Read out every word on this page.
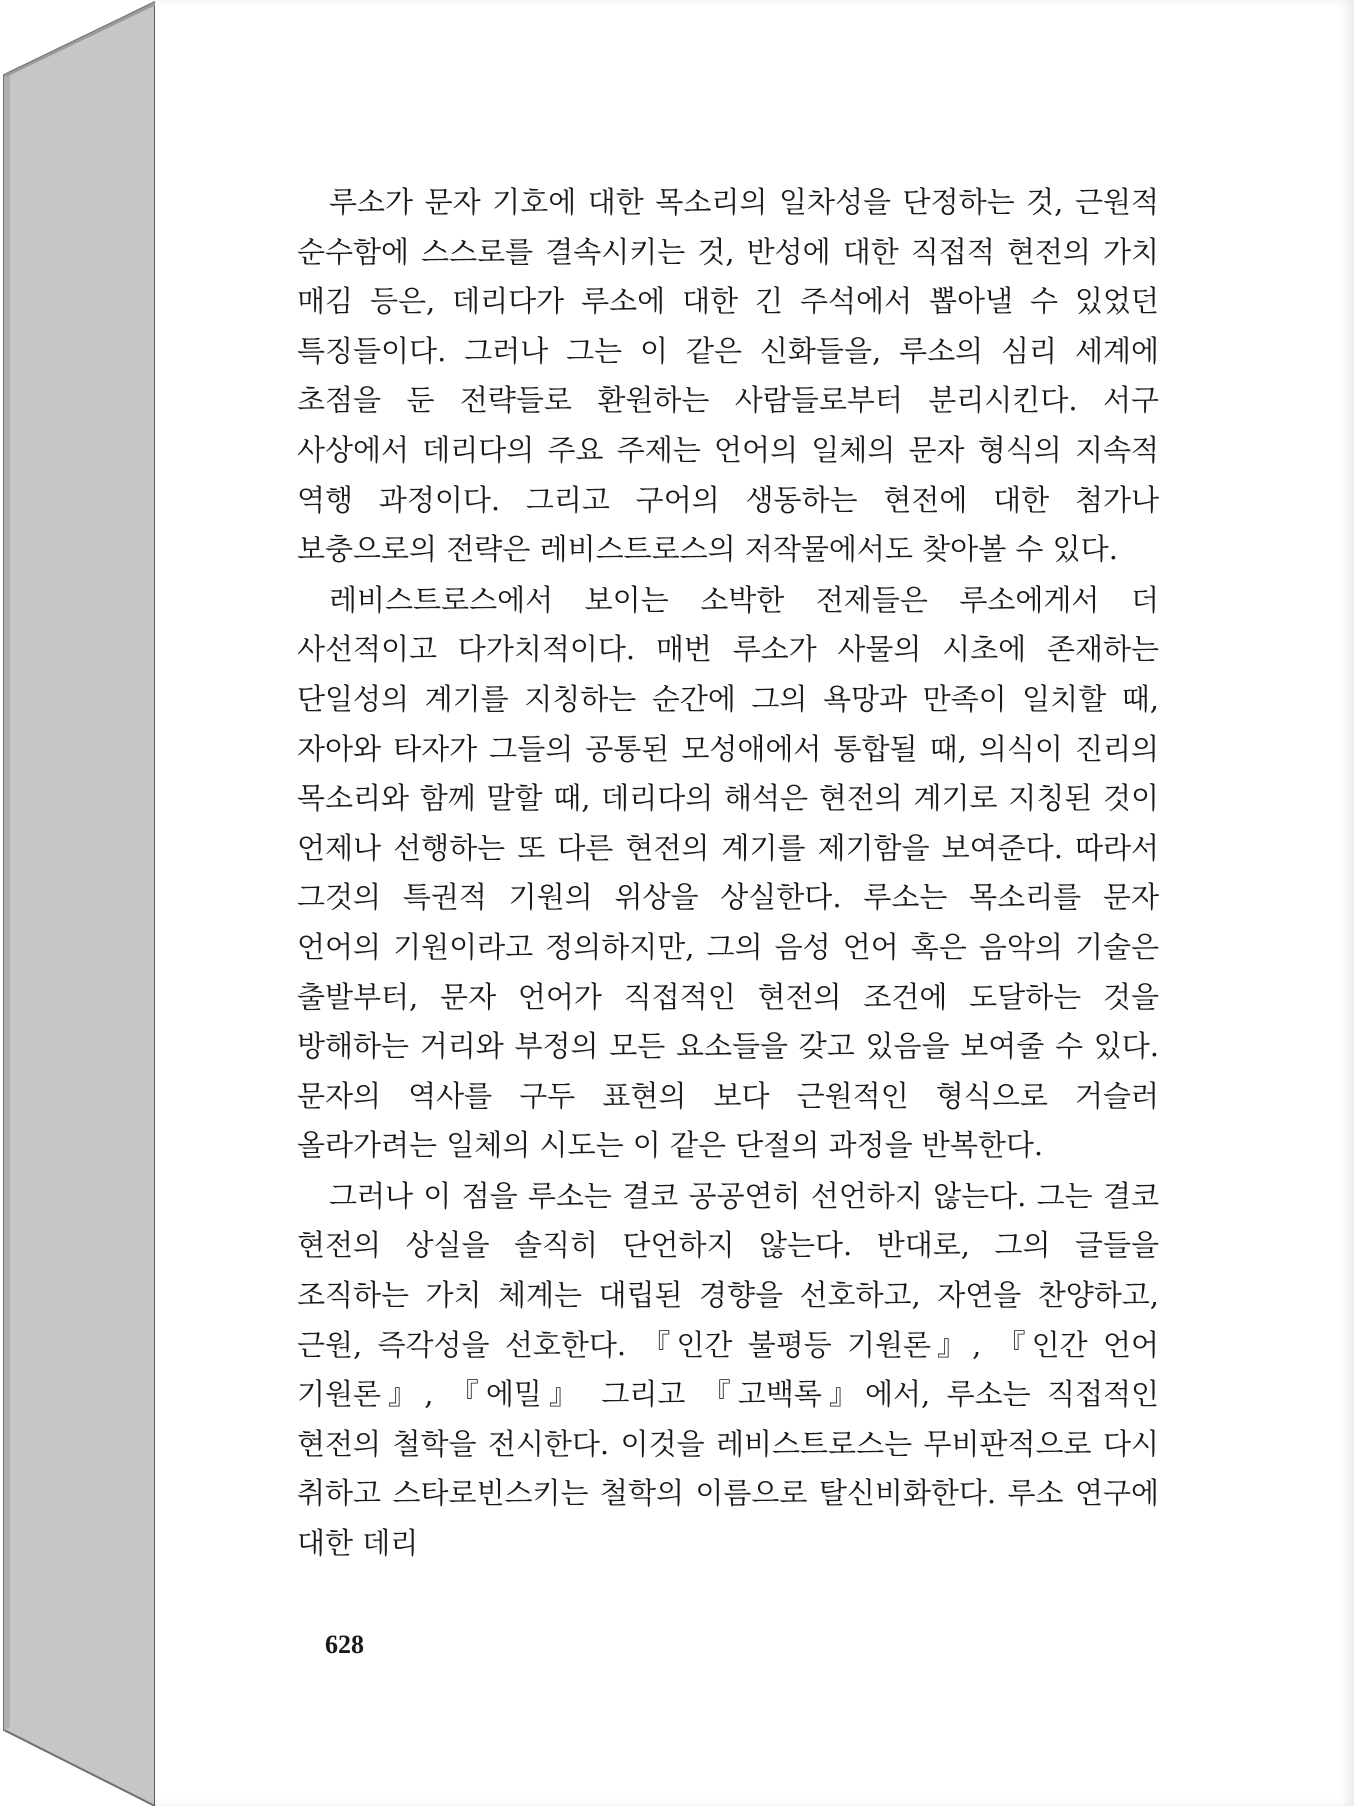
루소가 문자 기호에 대한 목소리의 일차성을 단정하는 것, 근원적 순수함에 스스로를 결속시키는 것, 반성에 대한 직접적 현전의 가치 매김 등은, 데리다가 루소에 대한 긴 주석에서 뽑아낼 수 있었던 특징들이다. 그러나 그는 이 같은 신화들을, 루소의 심리 세계에 초점을 둔 전략들로 환원하는 사람들로부터 분리시킨다. 서구 사상에서 데리다의 주요 주제는 언어의 일체의 문자 형식의 지속적 역행 과정이다. 그리고 구어의 생동하는 현전에 대한 첨가나 보충으로의 전략은 레비스트로스의 저작물에서도 찾아볼 수 있다.

레비스트로스에서 보이는 소박한 전제들은 루소에게서 더 사선적이고 다가치적이다. 매번 루소가 사물의 시초에 존재하는 단일성의 계기를 지칭하는 순간에 그의 욕망과 만족이 일치할 때, 자아와 타자가 그들의 공통된 모성애에서 통합될 때, 의식이 진리의 목소리와 함께 말할 때, 데리다의 해석은 현전의 계기로 지칭된 것이 언제나 선행하는 또 다른 현전의 계기를 제기함을 보여준다. 따라서 그것의 특권적 기원의 위상을 상실한다. 루소는 목소리를 문자 언어의 기원이라고 정의하지만, 그의 음성 언어 혹은 음악의 기술은 출발부터, 문자 언어가 직접적인 현전의 조건에 도달하는 것을 방해하는 거리와 부정의 모든 요소들을 갖고 있음을 보여줄 수 있다. 문자의 역사를 구두 표현의 보다 근원적인 형식으로 거슬러 올라가려는 일체의 시도는 이 같은 단절의 과정을 반복한다.

그러나 이 점을 루소는 결코 공공연히 선언하지 않는다. 그는 결코 현전의 상실을 솔직히 단언하지 않는다. 반대로, 그의 글들을 조직하는 가치 체계는 대립된 경향을 선호하고, 자연을 찬양하고, 근원, 즉각성을 선호한다. 『인간 불평등 기원론』, 『인간 언어 기원론』, 『에밀』 그리고 『고백록』에서, 루소는 직접적인 현전의 철학을 전시한다. 이것을 레비스트로스는 무비판적으로 다시 취하고 스타로빈스키는 철학의 이름으로 탈신비화한다. 루소 연구에 대한 데리

628
